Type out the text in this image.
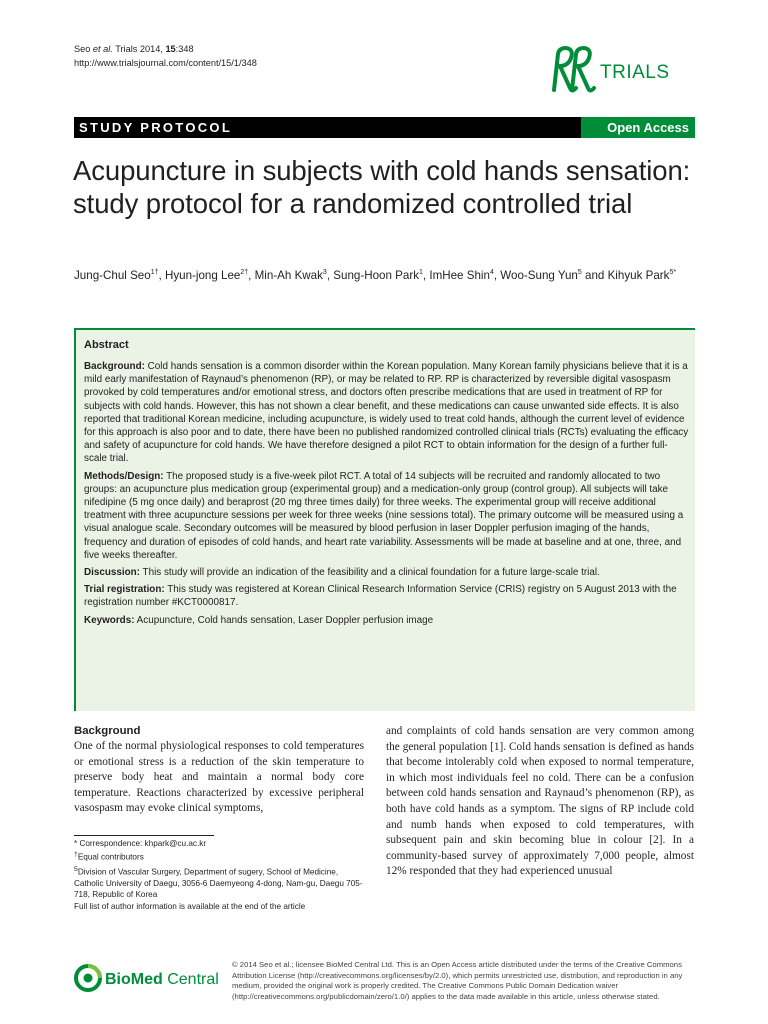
Seo et al. Trials 2014, 15:348
http://www.trialsjournal.com/content/15/1/348	TRIALS
STUDY PROTOCOL	Open Access
Acupuncture in subjects with cold hands sensation: study protocol for a randomized controlled trial
Jung-Chul Seo$^{1\dagger}$, Hyun-jong Lee$^{2\dagger}$, Min-Ah Kwak$^3$, Sung-Hoon Park$^1$, ImHee Shin$^4$, Woo-Sung Yun$^5$ and Kihyuk Park$^{5*}$
Abstract
Background: Cold hands sensation is a common disorder within the Korean population. Many Korean family physicians believe that it is a mild early manifestation of Raynaud’s phenomenon (RP), or may be related to RP. RP is characterized by reversible digital vasospasm provoked by cold temperatures and/or emotional stress, and doctors often prescribe medications that are used in treatment of RP for subjects with cold hands. However, this has not shown a clear benefit, and these medications can cause unwanted side effects. It is also reported that traditional Korean medicine, including acupuncture, is widely used to treat cold hands, although the current level of evidence for this approach is also poor and to date, there have been no published randomized controlled clinical trials (RCTs) evaluating the efficacy and safety of acupuncture for cold hands. We have therefore designed a pilot RCT to obtain information for the design of a further full-scale trial.
Methods/Design: The proposed study is a five-week pilot RCT. A total of 14 subjects will be recruited and randomly allocated to two groups: an acupuncture plus medication group (experimental group) and a medication-only group (control group). All subjects will take nifedipine (5 mg once daily) and beraprost (20 mg three times daily) for three weeks. The experimental group will receive additional treatment with three acupuncture sessions per week for three weeks (nine sessions total). The primary outcome will be measured using a visual analogue scale. Secondary outcomes will be measured by blood perfusion in laser Doppler perfusion imaging of the hands, frequency and duration of episodes of cold hands, and heart rate variability. Assessments will be made at baseline and at one, three, and five weeks thereafter.
Discussion: This study will provide an indication of the feasibility and a clinical foundation for a future large-scale trial.
Trial registration: This study was registered at Korean Clinical Research Information Service (CRIS) registry on 5 August 2013 with the registration number #KCT0000817.
Keywords: Acupuncture, Cold hands sensation, Laser Doppler perfusion image
Background
One of the normal physiological responses to cold temperatures or emotional stress is a reduction of the skin temperature to preserve body heat and maintain a normal body core temperature. Reactions characterized by excessive peripheral vasospasm may evoke clinical symptoms,
and complaints of cold hands sensation are very common among the general population [1]. Cold hands sensation is defined as hands that become intolerably cold when exposed to normal temperature, in which most individuals feel no cold. There can be a confusion between cold hands sensation and Raynaud’s phenomenon (RP), as both have cold hands as a symptom. The signs of RP include cold and numb hands when exposed to cold temperatures, with subsequent pain and skin becoming blue in colour [2]. In a community-based survey of approximately 7,000 people, almost 12% responded that they had experienced unusual

* Correspondence: khpark@cu.ac.kr

†Equal contributors

$^5$Division of Vascular Surgery, Department of sugery, School of Medicine, Catholic University of Daegu, 3056-6 Daemyeong 4-dong, Nam-gu, Daegu 705-718, Republic of Korea

Full list of author information is available at the end of the article

BioMed Central
© 2014 Seo et al.; licensee BioMed Central Ltd. This is an Open Access article distributed under the terms of the Creative Commons Attribution License (http://creativecommons.org/licenses/by/2.0), which permits unrestricted use, distribution, and reproduction in any medium, provided the original work is properly credited. The Creative Commons Public Domain Dedication waiver (http://creativecommons.org/publicdomain/zero/1.0/) applies to the data made available in this article, unless otherwise stated.
